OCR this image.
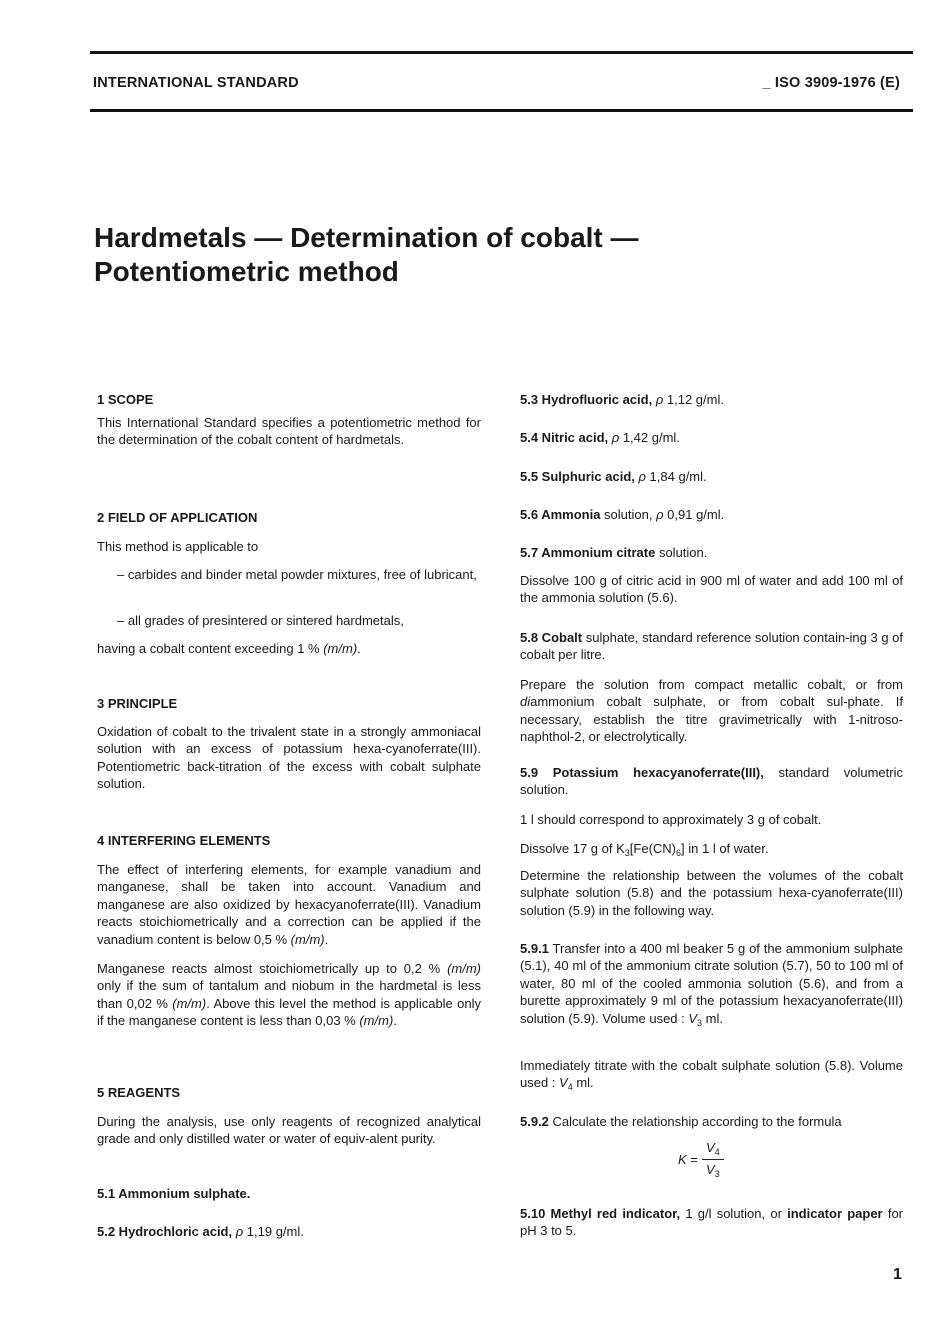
INTERNATIONAL STANDARD	_ ISO 3909-1976 (E)
Hardmetals — Determination of cobalt —
Potentiometric method
1 SCOPE
This International Standard specifies a potentiometric method for the determination of the cobalt content of hardmetals.
2 FIELD OF APPLICATION
This method is applicable to
– carbides and binder metal powder mixtures, free of lubricant,
– all grades of presintered or sintered hardmetals,
having a cobalt content exceeding 1 % (m/m).
3 PRINCIPLE
Oxidation of cobalt to the trivalent state in a strongly ammoniacal solution with an excess of potassium hexa-cyanoferrate(III). Potentiometric back-titration of the excess with cobalt sulphate solution.
4 INTERFERING ELEMENTS
The effect of interfering elements, for example vanadium and manganese, shall be taken into account. Vanadium and manganese are also oxidized by hexacyanoferrate(III). Vanadium reacts stoichiometrically and a correction can be applied if the vanadium content is below 0,5 % (m/m).
Manganese reacts almost stoichiometrically up to 0,2 % (m/m) only if the sum of tantalum and niobum in the hardmetal is less than 0,02 % (m/m). Above this level the method is applicable only if the manganese content is less than 0,03 % (m/m).
5 REAGENTS
During the analysis, use only reagents of recognized analytical grade and only distilled water or water of equiv-alent purity.
5.1 Ammonium sulphate.
5.2 Hydrochloric acid, ρ 1,19 g/ml.
5.3 Hydrofluoric acid, ρ 1,12 g/ml.
5.4 Nitric acid, ρ 1,42 g/ml.
5.5 Sulphuric acid, ρ 1,84 g/ml.
5.6 Ammonia solution, ρ 0,91 g/ml.
5.7 Ammonium citrate solution.
Dissolve 100 g of citric acid in 900 ml of water and add 100 ml of the ammonia solution (5.6).
5.8 Cobalt sulphate, standard reference solution contain-ing 3 g of cobalt per litre.
Prepare the solution from compact metallic cobalt, or from diammonium cobalt sulphate, or from cobalt sul-phate. If necessary, establish the titre gravimetrically with 1-nitroso-naphthol-2, or electrolytically.
5.9 Potassium hexacyanoferrate(III), standard volumetric solution.
1 l should correspond to approximately 3 g of cobalt.
Dissolve 17 g of $K_3[Fe(CN)_6]$ in 1 l of water.
Determine the relationship between the volumes of the cobalt sulphate solution (5.8) and the potassium hexa-cyanoferrate(III) solution (5.9) in the following way.
5.9.1 Transfer into a 400 ml beaker 5 g of the ammonium sulphate (5.1), 40 ml of the ammonium citrate solution (5.7), 50 to 100 ml of water, 80 ml of the cooled ammonia solution (5.6), and from a burette approximately 9 ml of the potassium hexacyanoferrate(III) solution (5.9). Volume used : $V_3$ ml.
Immediately titrate with the cobalt sulphate solution (5.8). Volume used : $V_4$ ml.
5.9.2 Calculate the relationship according to the formula
K =
$V_4$
$V_3$
5.10 Methyl red indicator, 1 g/l solution, or indicator paper for pH 3 to 5.
1
